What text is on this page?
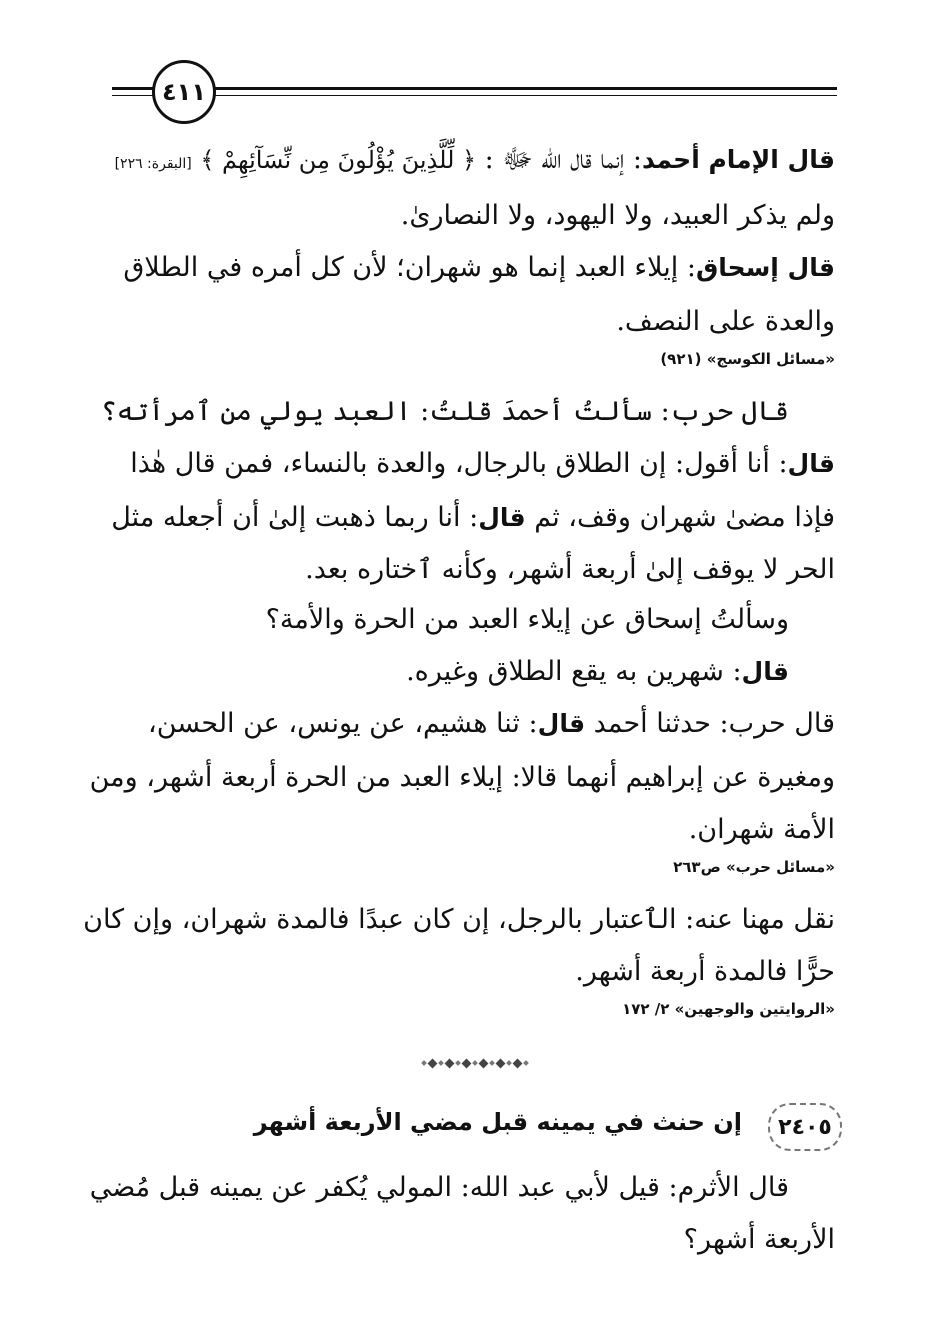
٤١١
قال الإمام أحمد: إنما قال الله ﷻ : ﴿ لِّلَّذِينَ يُؤْلُونَ مِن نِّسَآئِهِمْ ﴾ [البقرة: ٢٢٦]
ولم يذكر العبيد، ولا اليهود، ولا النصارىٰ.
قال إسحاق: إيلاء العبد إنما هو شهران؛ لأن كل أمره في الطلاق
والعدة على النصف.
«مسائل الكوسج» (٩٢١)
قال حرب: سألتُ أحمدَ قلتُ: العبد يولي من ٱمرأته؟
قال: أنا أقول: إن الطلاق بالرجال، والعدة بالنساء، فمن قال هٰذا
فإذا مضىٰ شهران وقف، ثم قال: أنا ربما ذهبت إلىٰ أن أجعله مثل
الحر لا يوقف إلىٰ أربعة أشهر، وكأنه ٱختاره بعد.
وسألتُ إسحاق عن إيلاء العبد من الحرة والأمة؟
قال: شهرين به يقع الطلاق وغيره.
قال حرب: حدثنا أحمد قال: ثنا هشيم، عن يونس، عن الحسن،
ومغيرة عن إبراهيم أنهما قالا: إيلاء العبد من الحرة أربعة أشهر، ومن
الأمة شهران.
«مسائل حرب» ص٢٦٣
نقل مهنا عنه: الٱعتبار بالرجل، إن كان عبدًا فالمدة شهران، وإن كان
حرًّا فالمدة أربعة أشهر.
«الروايتين والوجهين» ٢/ ١٧٢
٢٤٠٥
إن حنث في يمينه قبل مضي الأربعة أشهر
قال الأثرم: قيل لأبي عبد الله: المولي يُكفر عن يمينه قبل مُضي
الأربعة أشهر؟
